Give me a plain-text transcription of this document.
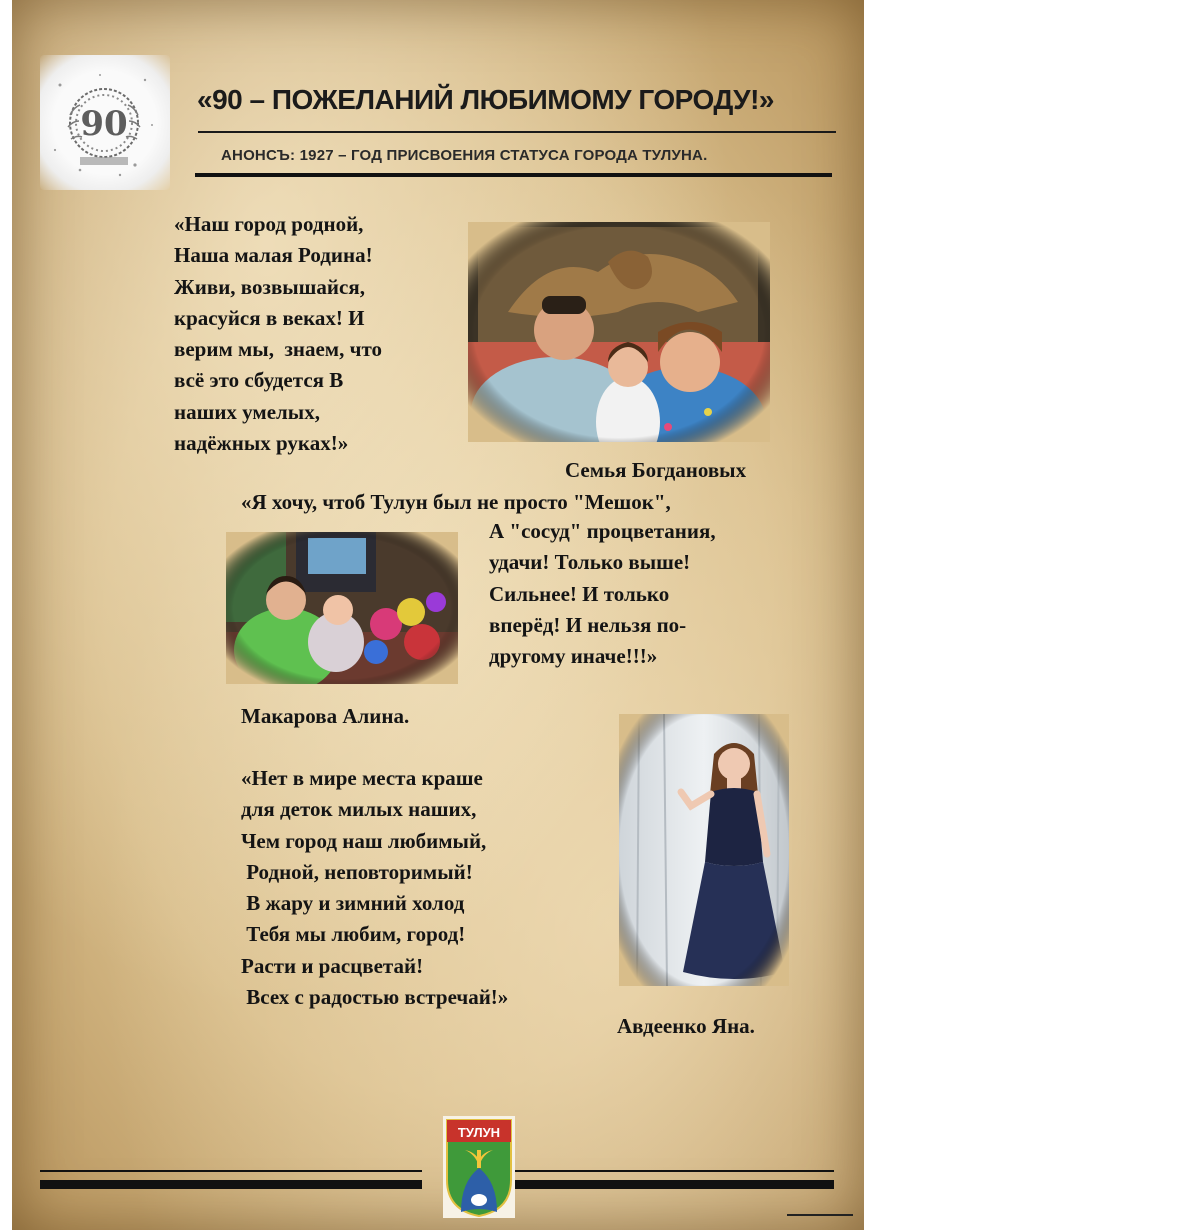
90
«90 – ПОЖЕЛАНИЙ ЛЮБИМОМУ ГОРОДУ!»
АНОНСЪ: 1927 – ГОД ПРИСВОЕНИЯ СТАТУСА ГОРОДА ТУЛУНА.
«Наш город родной,
Наша малая Родина!
Живи, возвышайся,
красуйся в веках! И
верим мы,  знаем, что
всё это сбудется В
наших умелых,
надёжных руках!»
Семья Богдановых
«Я хочу, чтоб Тулун был не просто "Мешок",
А "сосуд" процветания,
удачи! Только выше!
Сильнее! И только
вперёд! И нельзя по-
другому иначе!!!»
Макарова Алина.
«Нет в мире места краше
для деток милых наших,
Чем город наш любимый,
Родной, неповторимый!
В жару и зимний холод
Тебя мы любим, город!
Расти и расцветай!
Всех с радостью встречай!»
Авдеенко Яна.
ТУЛУН
